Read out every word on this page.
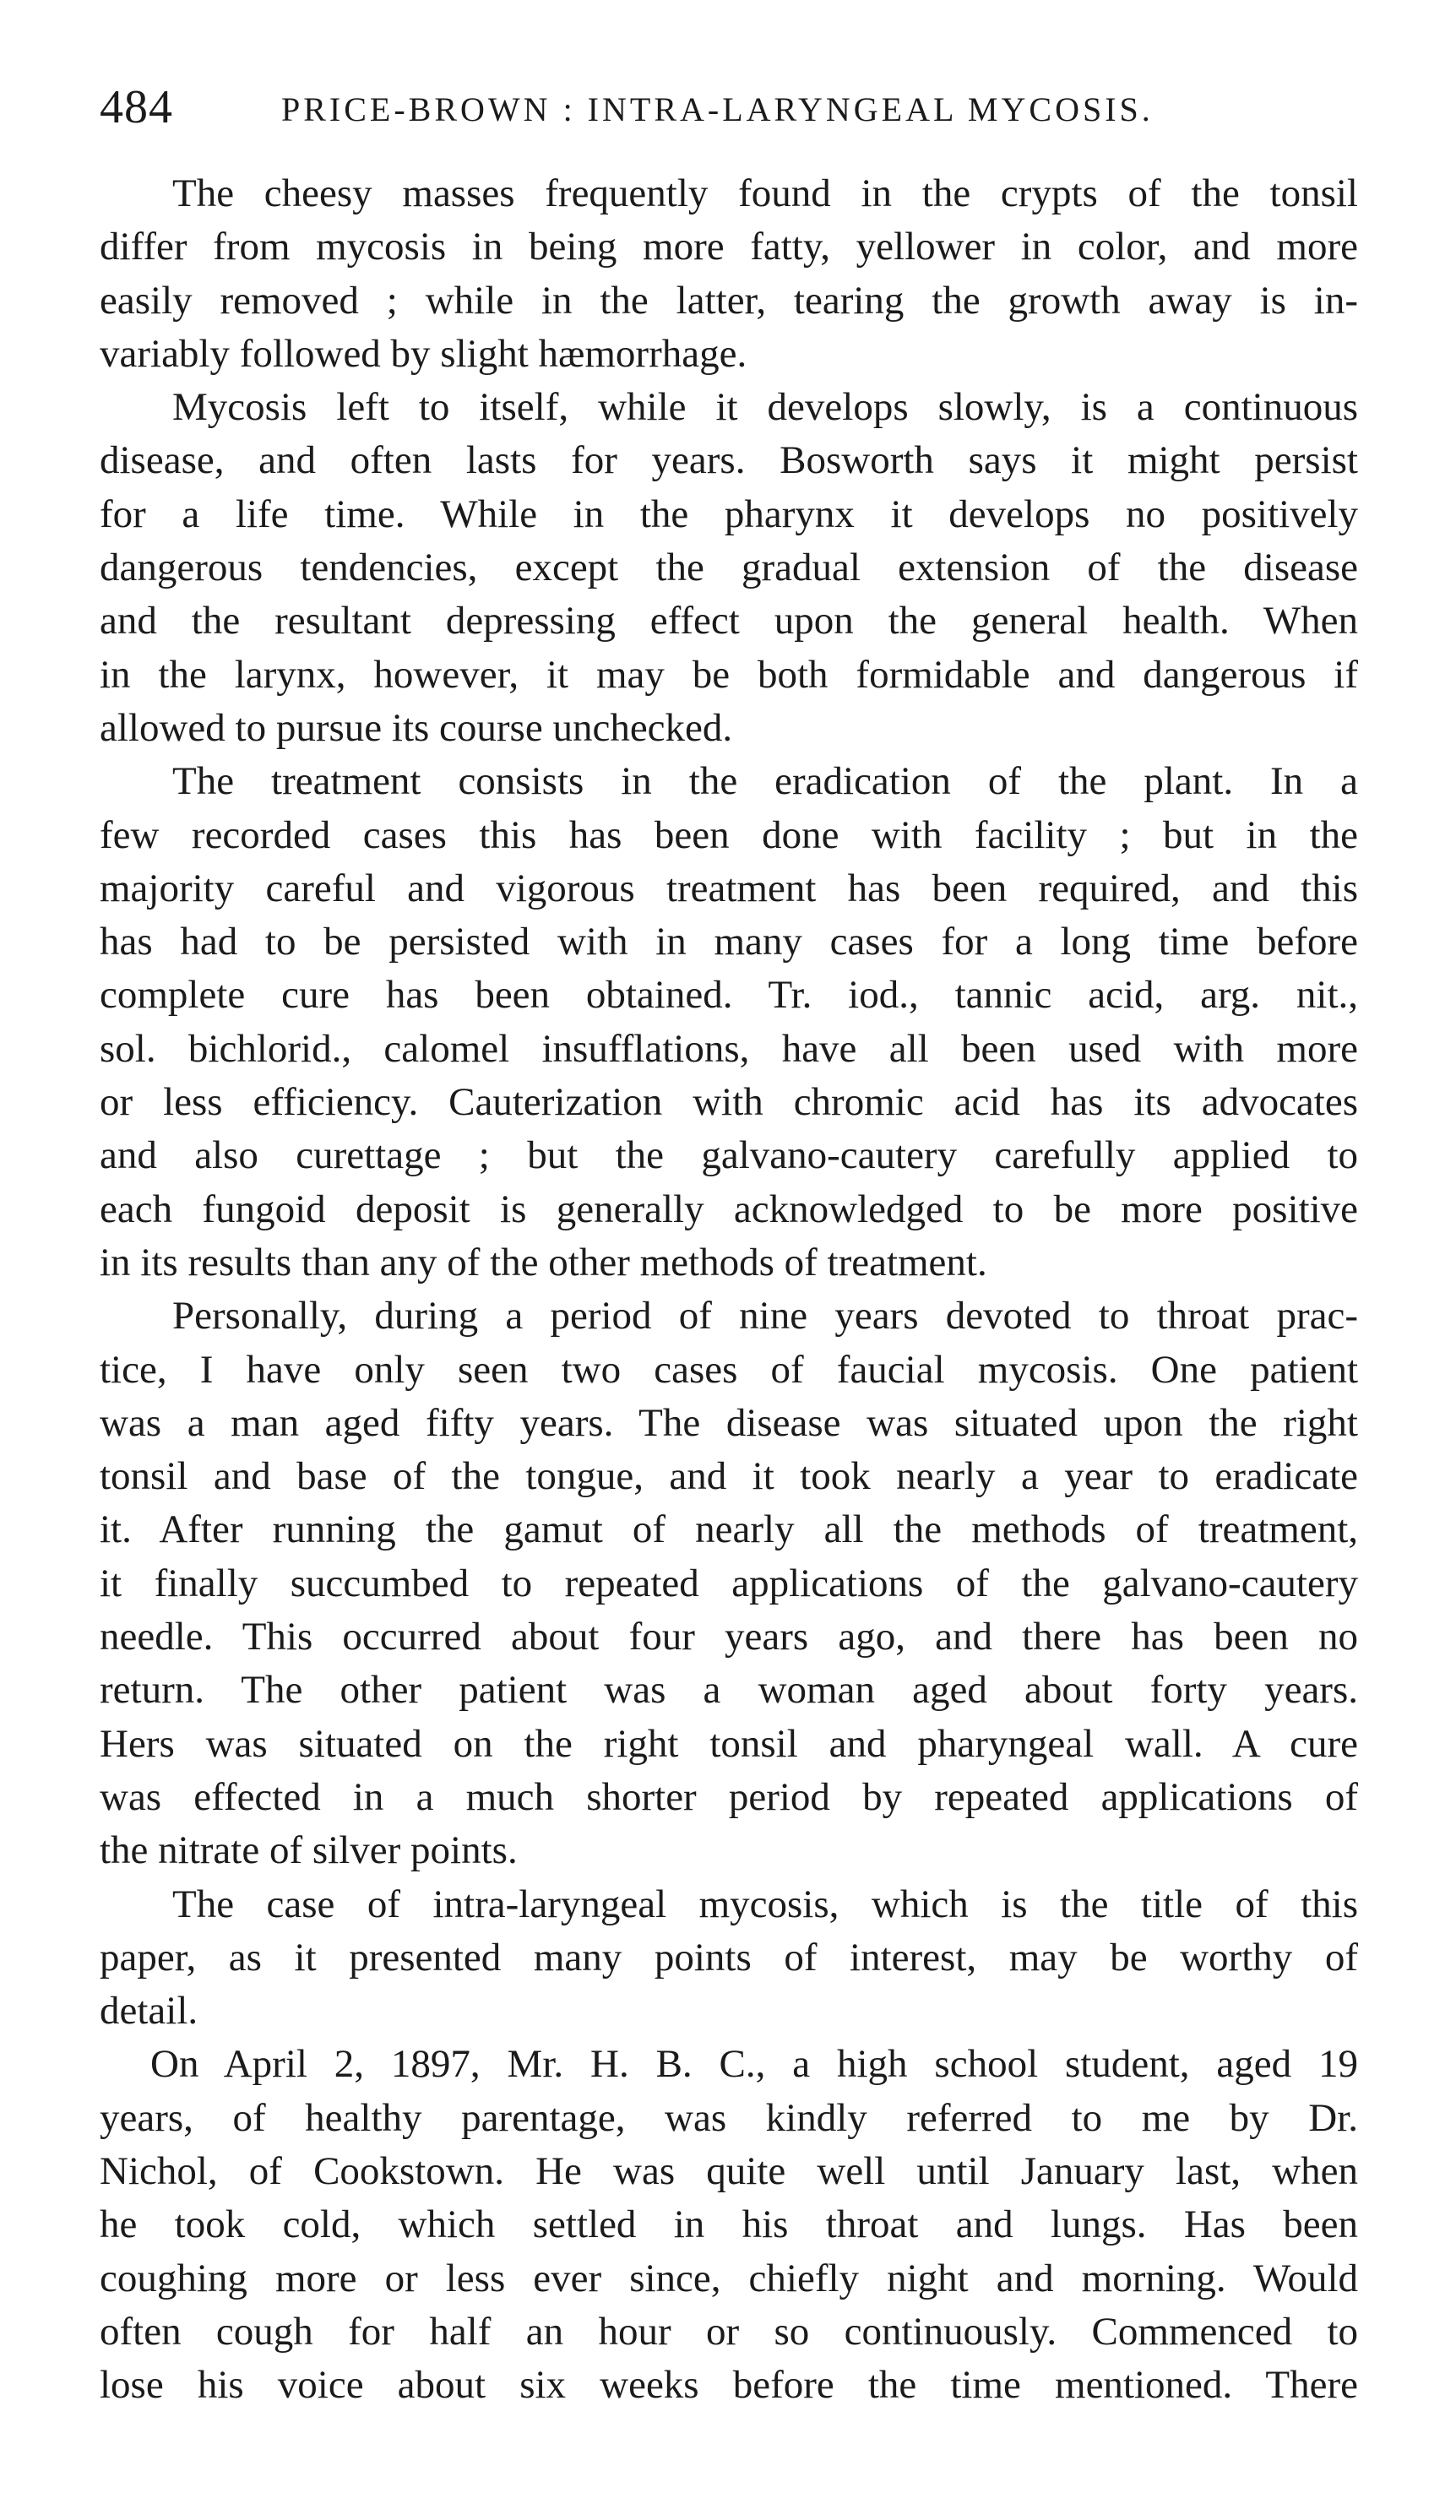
484	PRICE-BROWN : INTRA-LARYNGEAL MYCOSIS.
The cheesy masses frequently found in the crypts of the tonsil
differ from mycosis in being more fatty, yellower in color, and more
easily removed ; while in the latter, tearing the growth away is in-
variably followed by slight hæmorrhage.
Mycosis left to itself, while it develops slowly, is a continuous
disease, and often lasts for years. Bosworth says it might persist
for a life time. While in the pharynx it develops no positively
dangerous tendencies, except the gradual extension of the disease
and the resultant depressing effect upon the general health. When
in the larynx, however, it may be both formidable and dangerous if
allowed to pursue its course unchecked.
The treatment consists in the eradication of the plant. In a
few recorded cases this has been done with facility ; but in the
majority careful and vigorous treatment has been required, and this
has had to be persisted with in many cases for a long time before
complete cure has been obtained. Tr. iod., tannic acid, arg. nit.,
sol. bichlorid., calomel insufflations, have all been used with more
or less efficiency. Cauterization with chromic acid has its advocates
and also curettage ; but the galvano-cautery carefully applied to
each fungoid deposit is generally acknowledged to be more positive
in its results than any of the other methods of treatment.
Personally, during a period of nine years devoted to throat prac-
tice, I have only seen two cases of faucial mycosis. One patient
was a man aged fifty years. The disease was situated upon the right
tonsil and base of the tongue, and it took nearly a year to eradicate
it. After running the gamut of nearly all the methods of treatment,
it finally succumbed to repeated applications of the galvano-cautery
needle. This occurred about four years ago, and there has been no
return. The other patient was a woman aged about forty years.
Hers was situated on the right tonsil and pharyngeal wall. A cure
was effected in a much shorter period by repeated applications of
the nitrate of silver points.
The case of intra-laryngeal mycosis, which is the title of this
paper, as it presented many points of interest, may be worthy of
detail.
On April 2, 1897, Mr. H. B. C., a high school student, aged 19
years, of healthy parentage, was kindly referred to me by Dr.
Nichol, of Cookstown. He was quite well until January last, when
he took cold, which settled in his throat and lungs. Has been
coughing more or less ever since, chiefly night and morning. Would
often cough for half an hour or so continuously. Commenced to
lose his voice about six weeks before the time mentioned. There
